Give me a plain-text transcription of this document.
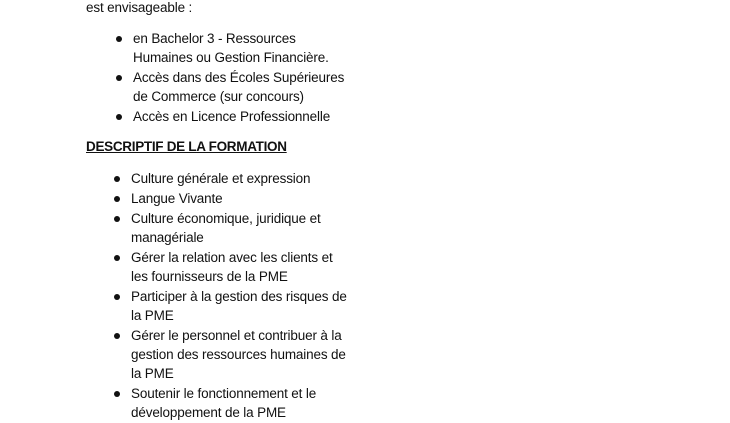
est envisageable :
en Bachelor 3 - Ressources Humaines ou Gestion Financière.
Accès dans des Écoles Supérieures de Commerce (sur concours)
Accès en Licence Professionnelle
DESCRIPTIF DE LA FORMATION
Culture générale et expression
Langue Vivante
Culture économique, juridique et managériale
Gérer la relation avec les clients et les fournisseurs de la PME
Participer à la gestion des risques de la PME
Gérer le personnel et contribuer à la gestion des ressources humaines de la PME
Soutenir le fonctionnement et le développement de la PME
